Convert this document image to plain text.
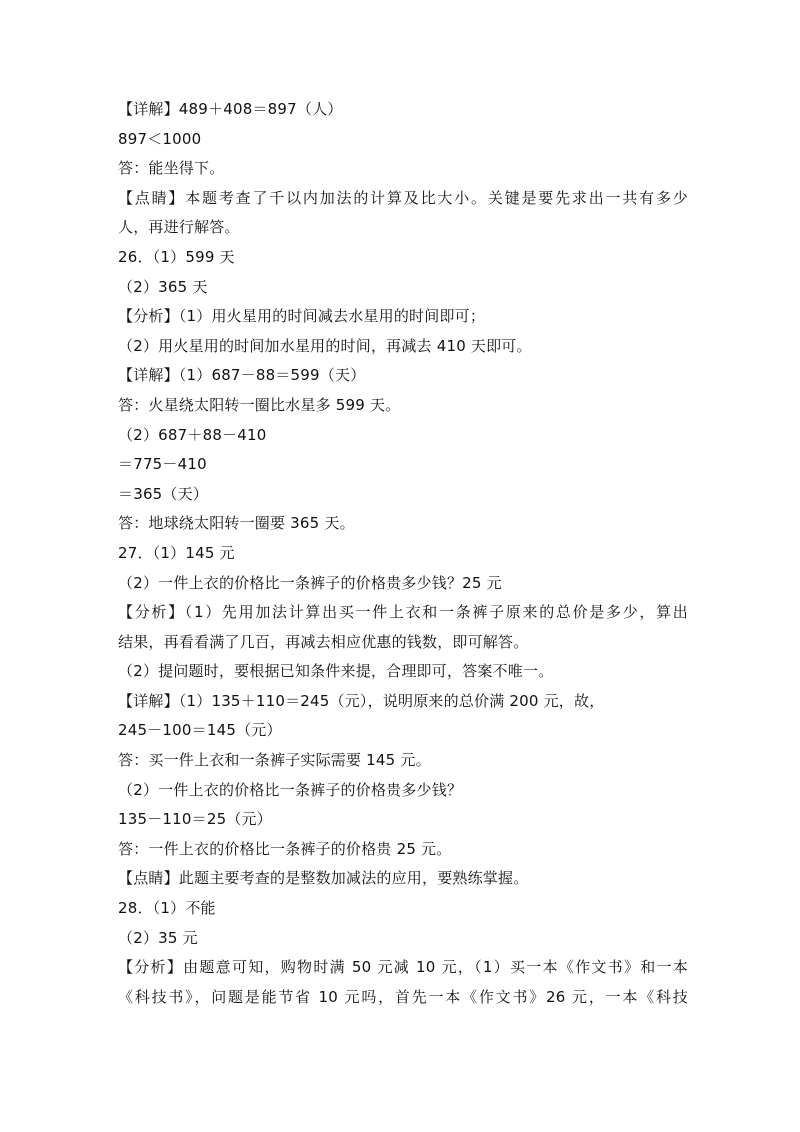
【详解】489＋408＝897（人）
897＜1000
答：能坐得下。
【点睛】本题考查了千以内加法的计算及比大小。关键是要先求出一共有多少
人，再进行解答。
26．（1）599 天
（2）365 天
【分析】（1）用火星用的时间减去水星用的时间即可；
（2）用火星用的时间加水星用的时间，再减去 410 天即可。
【详解】（1）687－88＝599（天）
答：火星绕太阳转一圈比水星多 599 天。
（2）687＋88－410
＝775－410
＝365（天）
答：地球绕太阳转一圈要 365 天。
27．（1）145 元
（2）一件上衣的价格比一条裤子的价格贵多少钱？25 元
【分析】（1）先用加法计算出买一件上衣和一条裤子原来的总价是多少，算出
结果，再看看满了几百，再减去相应优惠的钱数，即可解答。
（2）提问题时，要根据已知条件来提，合理即可，答案不唯一。
【详解】（1）135＋110＝245（元），说明原来的总价满 200 元，故，
245－100＝145（元）
答：买一件上衣和一条裤子实际需要 145 元。
（2）一件上衣的价格比一条裤子的价格贵多少钱？
135－110＝25（元）
答：一件上衣的价格比一条裤子的价格贵 25 元。
【点睛】此题主要考查的是整数加减法的应用，要熟练掌握。
28．（1）不能
（2）35 元
【分析】由题意可知，购物时满 50 元减 10 元，（1）买一本《作文书》和一本
《科技书》，问题是能节省 10 元吗，首先一本《作文书》26 元，一本《科技
